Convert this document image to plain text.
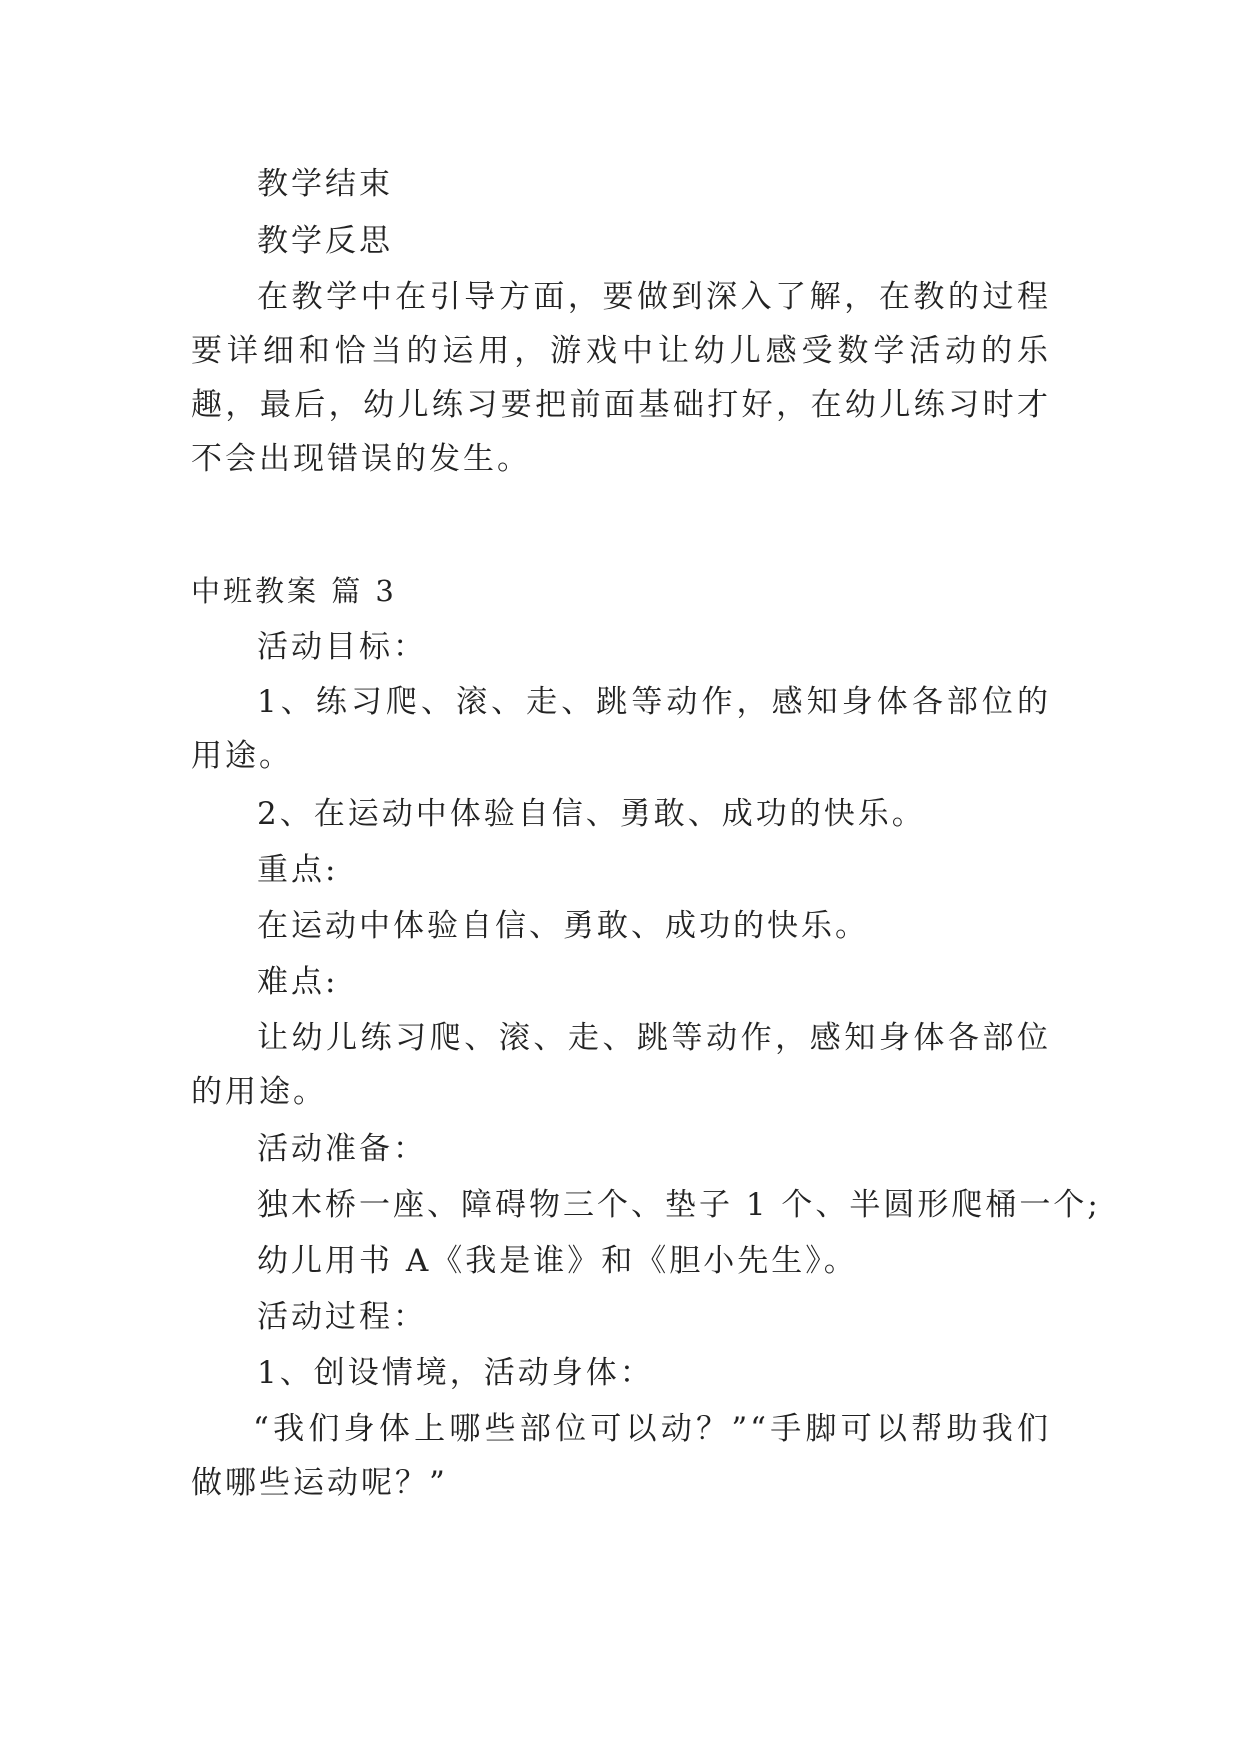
教学结束
教学反思
在教学中在引导方面，要做到深入了解，在教的过程要详细和恰当的运用，游戏中让幼儿感受数学活动的乐趣，最后，幼儿练习要把前面基础打好，在幼儿练习时才不会出现错误的发生。
中班教案 篇 3
活动目标：
1、练习爬、滚、走、跳等动作，感知身体各部位的用途。
2、在运动中体验自信、勇敢、成功的快乐。
重点:
在运动中体验自信、勇敢、成功的快乐。
难点:
让幼儿练习爬、滚、走、跳等动作，感知身体各部位的用途。
活动准备：
独木桥一座、障碍物三个、垫子 1 个、半圆形爬桶一个;
幼儿用书 A《我是谁》和《胆小先生》。
活动过程：
1、创设情境，活动身体：
“我们身体上哪些部位可以动？”“手脚可以帮助我们做哪些运动呢？”
